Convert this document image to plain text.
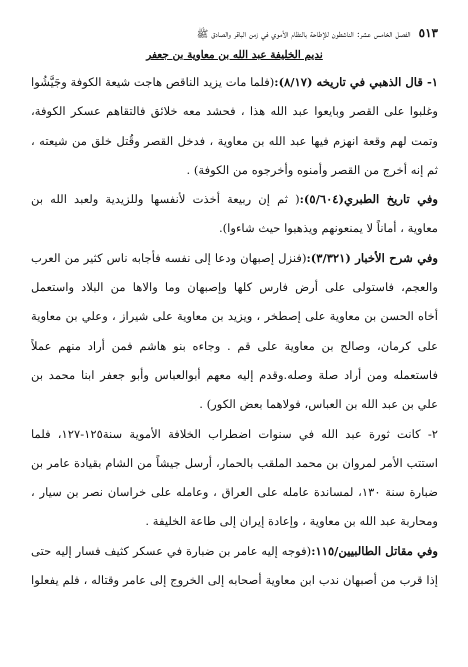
٥١٣
الفصل الخامس عشر: الناشطون للإطاحة بالنظام الأموي في زمن الباقر والصادق ﷺ
نديم الخليفة عبد الله بن معاوية بن جعفر
١- قال الذهبي في تاريخه (٨/١٧):(فلما مات يزيد الناقص هاجت شيعة الكوفة وجَيَّشُوا
وغلبوا على القصر وبايعوا عبد الله هذا ، فحشد معه خلائق فالتقاهم عسكر الكوفة،
وتمت لهم وقعة انهزم فيها عبد الله بن معاوية ، فدخل القصر وقُتل خلق من شيعته ،
ثم إنه أخرج من القصر وأمنوه وأخرجوه من الكوفة) .
وفي تاريخ الطبري(٥/٦٠٤):( ثم إن ربيعة أخذت لأنفسها وللزيدية ولعبد الله بن
معاوية ، أماناً لا يمنعونهم ويذهبوا حيث شاءوا).
وفي شرح الأخبار (٣/٣٢١):(فنزل إصبهان ودعا إلى نفسه فأجابه ناس كثير من العرب
والعجم، فاستولى على أرض فارس كلها وإصبهان وما والاها من البلاد واستعمل
أخاه الحسن بن معاوية على إصطخر ، ويزيد بن معاوية على شيراز ، وعلي بن معاوية
على كرمان، وصالح بن معاوية على قم . وجاءه بنو هاشم فمن أراد منهم عملاً
فاستعمله ومن أراد صلة وصله.وقدم إليه معهم أبوالعباس وأبو جعفر ابنا محمد بن
علي بن عبد الله بن العباس، فولاهما بعض الكور) .
٢- كانت ثورة عبد الله في سنوات اضطراب الخلافة الأموية سنة١٢٥-١٢٧، فلما
استتب الأمر لمروان بن محمد الملقب بالحمار، أرسل جيشاً من الشام بقيادة عامر بن
ضبارة سنة ١٣٠، لمساندة عامله على العراق ، وعامله على خراسان نصر بن سيار ،
ومحاربة عبد الله بن معاوية ، وإعادة إيران إلى طاعة الخليفة .
وفي مقاتل الطالبيين/١١٥:(فوجه إليه عامر بن ضبارة في عسكر كثيف فسار إليه حتى
إذا قرب من أصبهان ندب ابن معاوية أصحابه إلى الخروج إلى عامر وقتاله ، فلم يفعلوا
